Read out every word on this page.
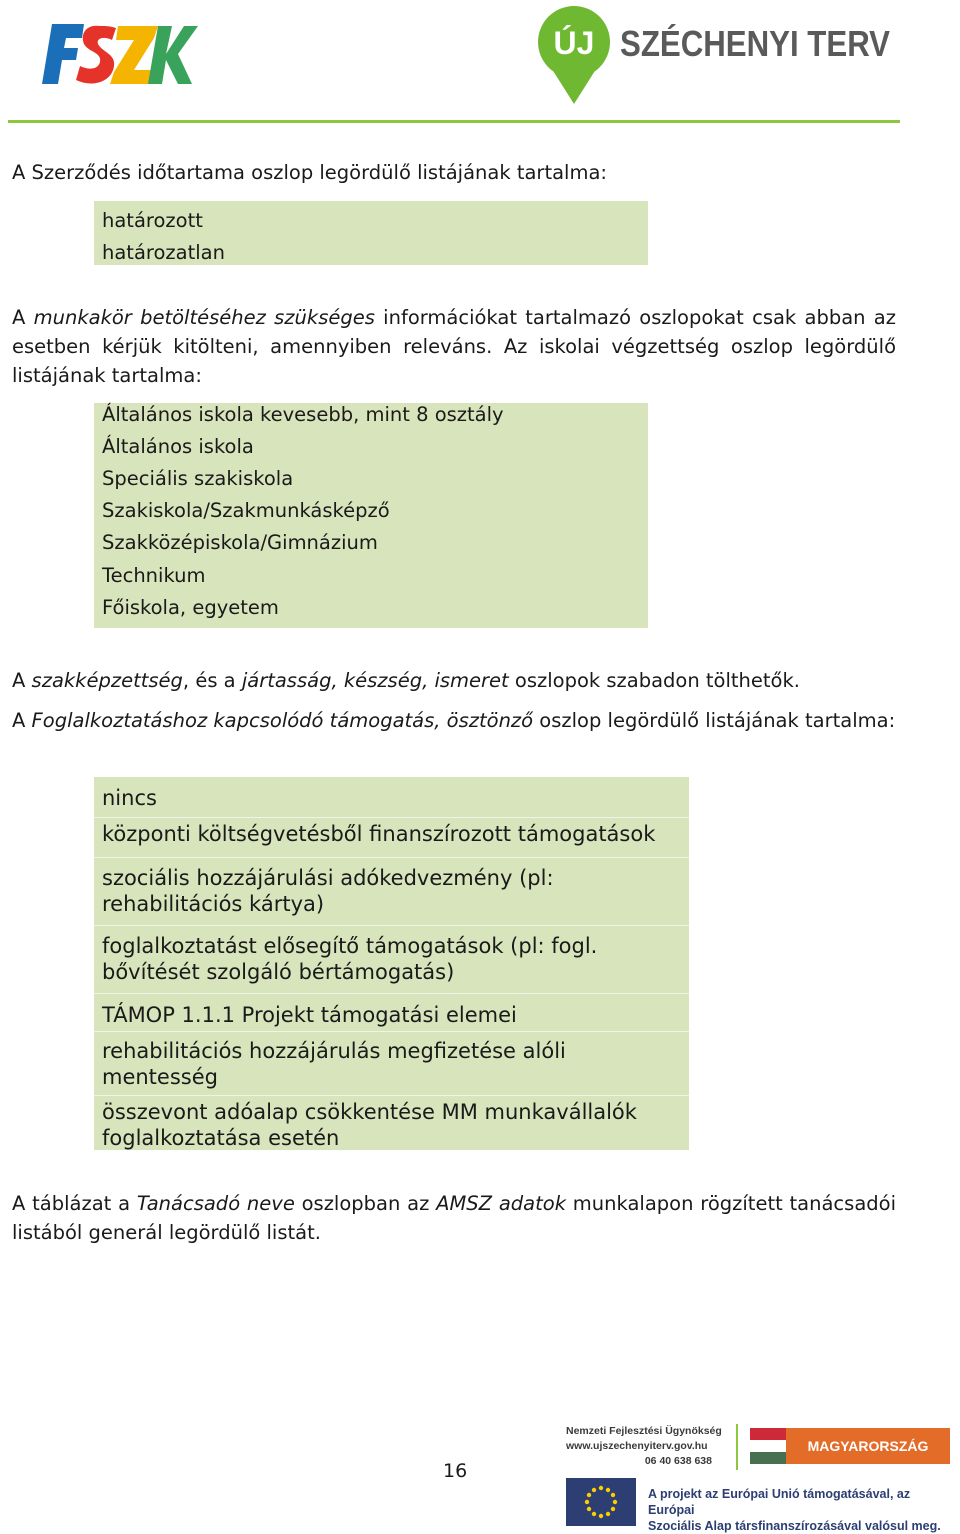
FSZK
ÚJ SZÉCHENYI TERV
A Szerződés időtartama oszlop legördülő listájának tartalma:
határozott
határozatlan
A munkakör betöltéséhez szükséges információkat tartalmazó oszlopokat csak abban az esetben kérjük kitölteni, amennyiben releváns. Az iskolai végzettség oszlop legördülő listájának tartalma:
Általános iskola kevesebb, mint 8 osztály
Általános iskola
Speciális szakiskola
Szakiskola/Szakmunkásképző
Szakközépiskola/Gimnázium
Technikum
Főiskola, egyetem
A szakképzettség, és a jártasság, készség, ismeret oszlopok szabadon tölthetők.
A Foglalkoztatáshoz kapcsolódó támogatás, ösztönző oszlop legördülő listájának tartalma:
nincs
központi költségvetésből finanszírozott támogatások
szociális hozzájárulási adókedvezmény (pl:
rehabilitációs kártya)
foglalkoztatást elősegítő támogatások (pl: fogl.
bővítését szolgáló bértámogatás)
TÁMOP 1.1.1 Projekt támogatási elemei
rehabilitációs hozzájárulás megfizetése alóli
mentesség
összevont adóalap csökkentése MM munkavállalók
foglalkoztatása esetén
A táblázat a Tanácsadó neve oszlopban az AMSZ adatok munkalapon rögzített tanácsadói listából generál legördülő listát.
16
Nemzeti Fejlesztési Ügynökség
www.ujszechenyiterv.gov.hu
06 40 638 638
MAGYARORSZÁG MEGÚJUL
A projekt az Európai Unió támogatásával, az Európai
Szociális Alap társfinanszírozásával valósul meg.
